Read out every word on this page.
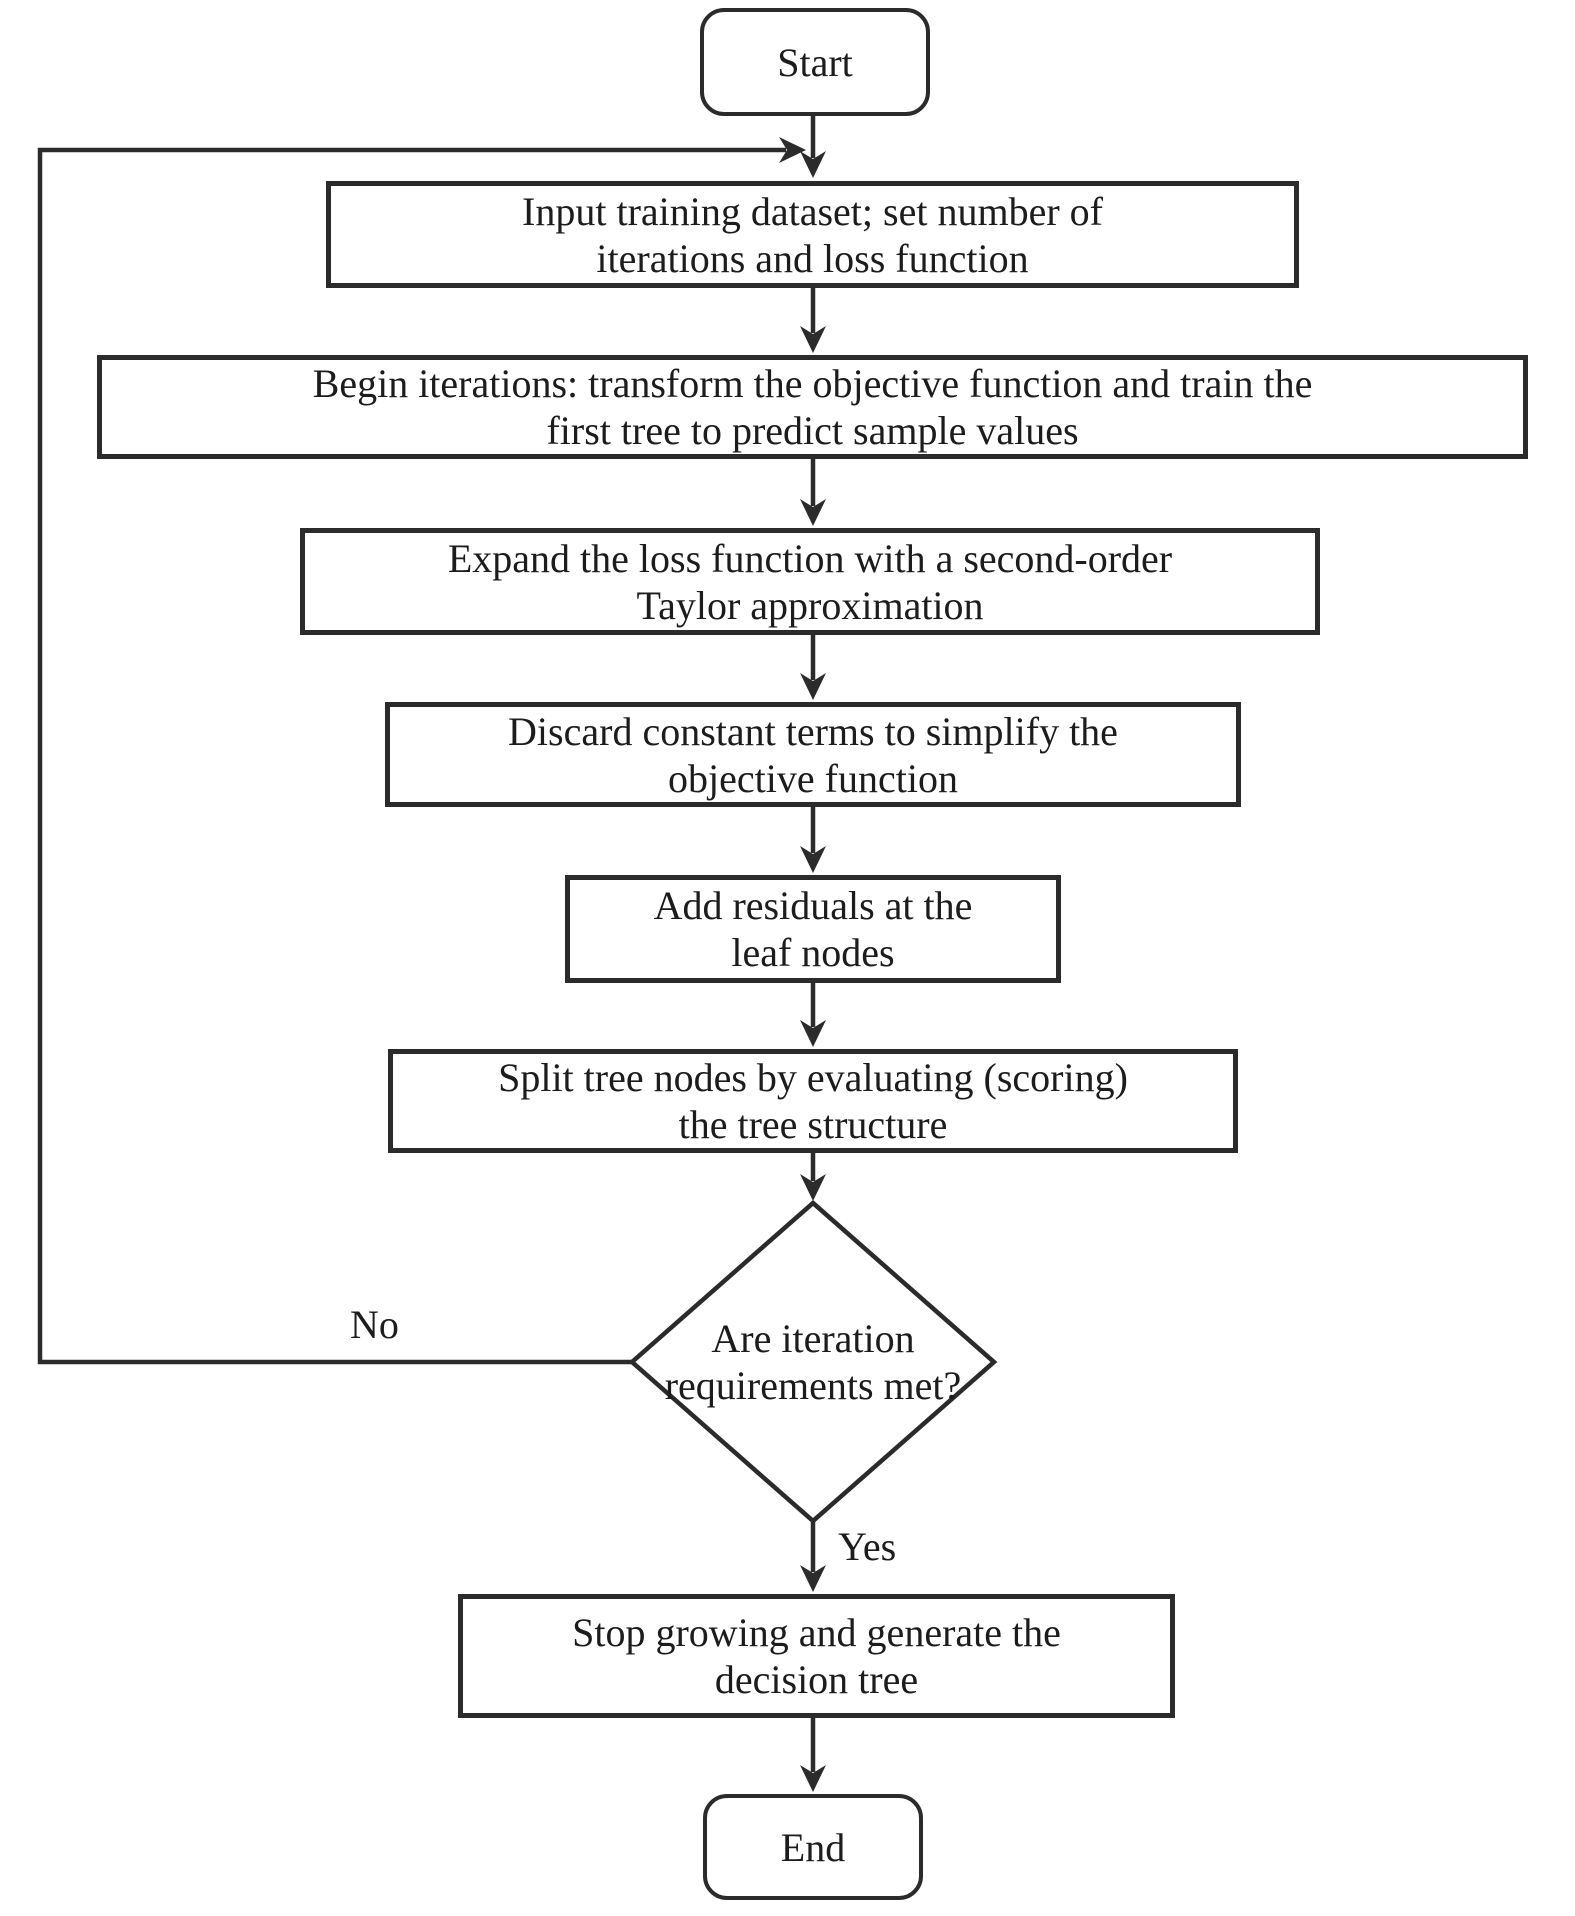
Start
Input training dataset; set number of
iterations and loss function
Begin iterations: transform the objective function and train the
first tree to predict sample values
Expand the loss function with a second-order
Taylor approximation
Discard constant terms to simplify the
objective function
Add residuals at the
leaf nodes
Split tree nodes by evaluating (scoring)
the tree structure
Are iteration
requirements met?
No
Yes
Stop growing and generate the
decision tree
End
